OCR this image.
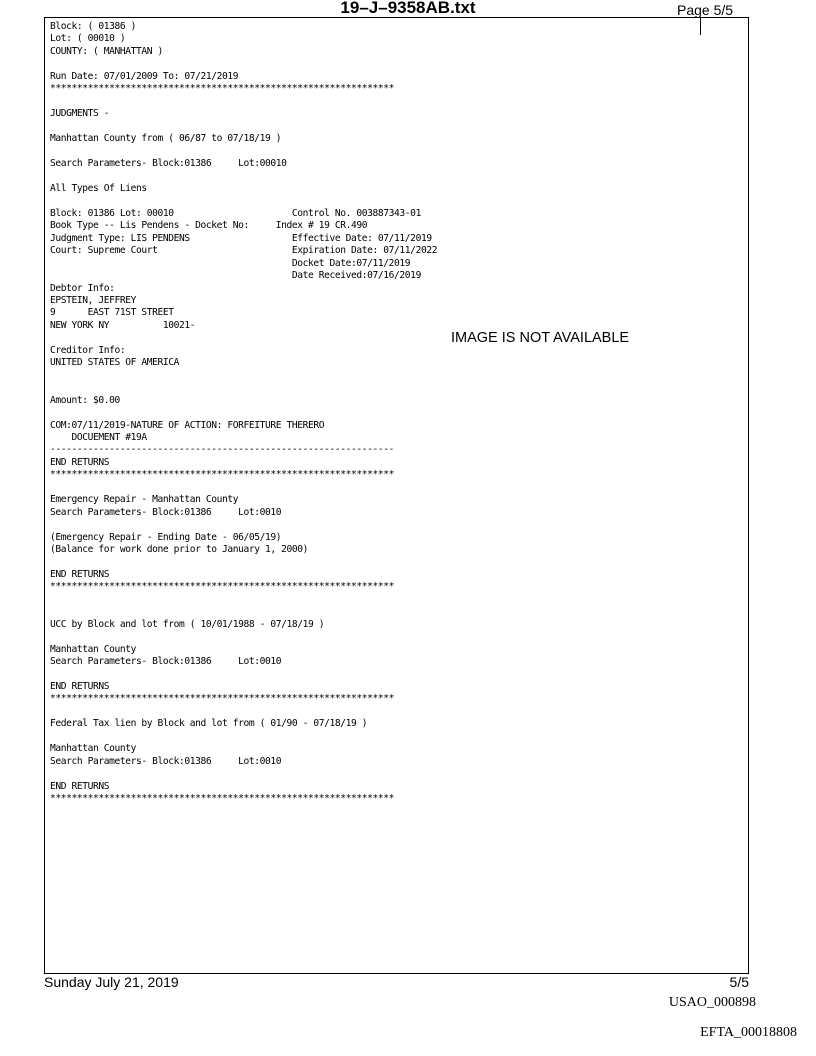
19–J–9358AB.txt	Page 5/5
Block: ( 01386 )
Lot: ( 00010 )
COUNTY: ( MANHATTAN )

Run Date: 07/01/2009 To: 07/21/2019
****************************************************************

JUDGMENTS -

Manhattan County from ( 06/87 to 07/18/19 )

Search Parameters- Block:01386     Lot:00010

All Types Of Liens

Block: 01386 Lot: 00010                      Control No. 003887343-01
Book Type -- Lis Pendens - Docket No:     Index # 19 CR.490
Judgment Type: LIS PENDENS                   Effective Date: 07/11/2019
Court: Supreme Court                         Expiration Date: 07/11/2022
Docket Date:07/11/2019
Date Received:07/16/2019
Debtor Info:
EPSTEIN, JEFFREY
9      EAST 71ST STREET
NEW YORK NY          10021-

Creditor Info:
UNITED STATES OF AMERICA

Amount: $0.00

COM:07/11/2019-NATURE OF ACTION: FORFEITURE THERERO
DOCUEMENT #19A
----------------------------------------------------------------
END RETURNS
****************************************************************

Emergency Repair - Manhattan County
Search Parameters- Block:01386     Lot:0010

(Emergency Repair - Ending Date - 06/05/19)
(Balance for work done prior to January 1, 2000)

END RETURNS
****************************************************************

UCC by Block and lot from ( 10/01/1988 - 07/18/19 )

Manhattan County
Search Parameters- Block:01386     Lot:0010

END RETURNS
****************************************************************

Federal Tax lien by Block and lot from ( 01/90 - 07/18/19 )

Manhattan County
Search Parameters- Block:01386     Lot:0010

END RETURNS
****************************************************************
IMAGE IS NOT AVAILABLE
Sunday July 21, 2019	5/5
USAO_000898
EFTA_00018808
